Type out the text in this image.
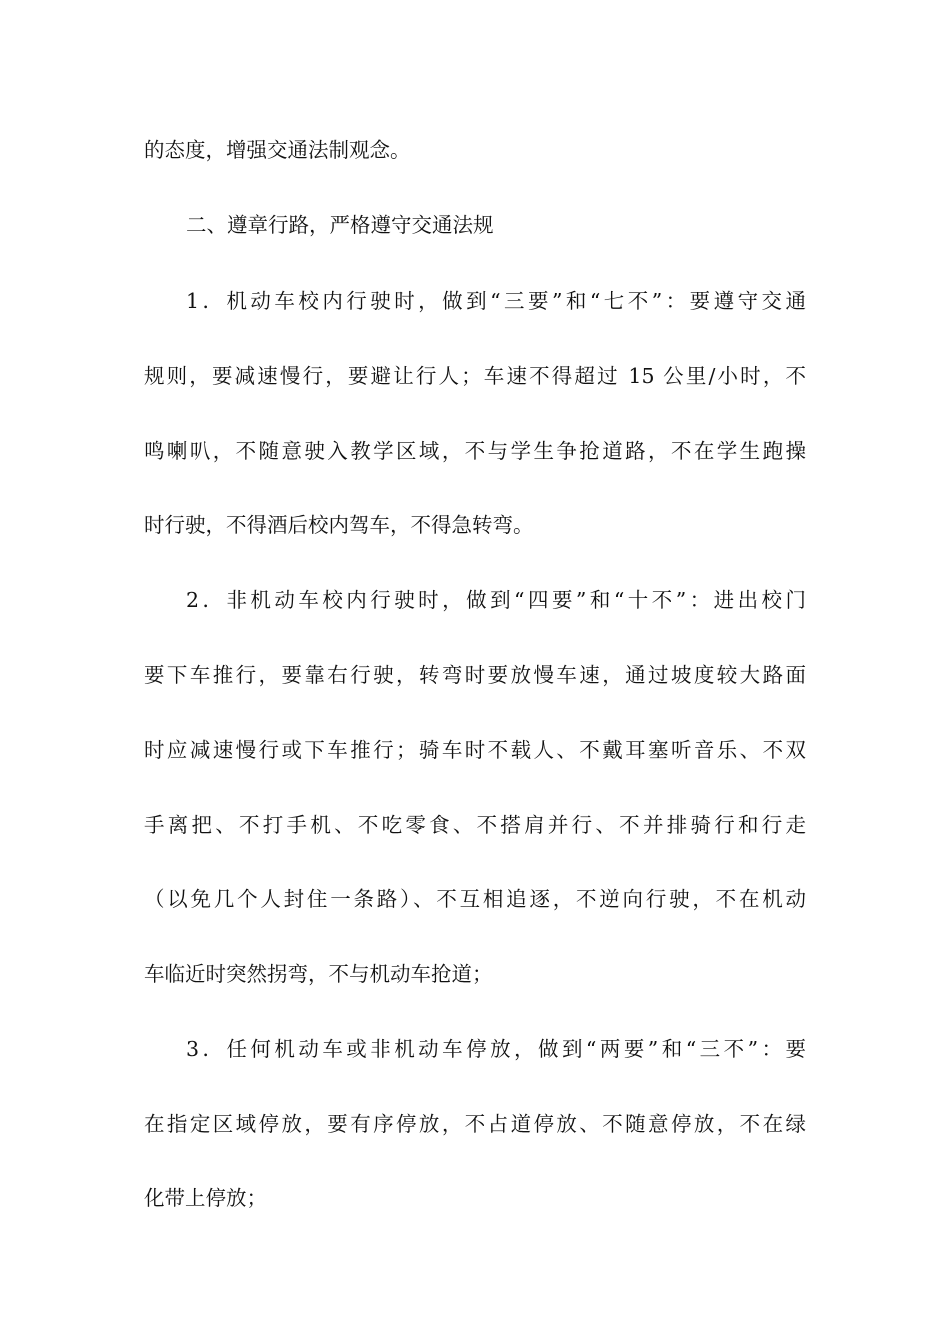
的态度，增强交通法制观念。
二、遵章行路，严格遵守交通法规
1．机动车校内行驶时，做到“三要”和“七不”：要遵守交通
规则，要减速慢行，要避让行人；车速不得超过 15 公里/小时，不
鸣喇叭，不随意驶入教学区域，不与学生争抢道路，不在学生跑操
时行驶，不得酒后校内驾车，不得急转弯。
2．非机动车校内行驶时，做到“四要”和“十不”：进出校门
要下车推行，要靠右行驶，转弯时要放慢车速，通过坡度较大路面
时应减速慢行或下车推行；骑车时不载人、不戴耳塞听音乐、不双
手离把、不打手机、不吃零食、不搭肩并行、不并排骑行和行走
（以免几个人封住一条路）、不互相追逐，不逆向行驶，不在机动
车临近时突然拐弯，不与机动车抢道；
3．任何机动车或非机动车停放，做到“两要”和“三不”：要
在指定区域停放，要有序停放，不占道停放、不随意停放，不在绿
化带上停放；
